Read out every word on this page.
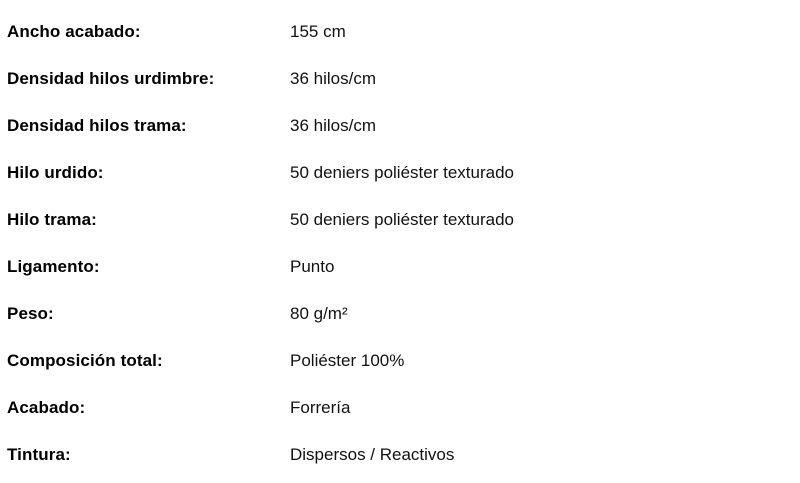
Ancho acabado:	155 cm
Densidad hilos urdimbre:	36 hilos/cm
Densidad hilos trama:	36 hilos/cm
Hilo urdido:	50 deniers poliéster texturado
Hilo trama:	50 deniers poliéster texturado
Ligamento:	Punto
Peso:	80 g/m²
Composición total:	Poliéster 100%
Acabado:	Forrería
Tintura:	Dispersos / Reactivos
